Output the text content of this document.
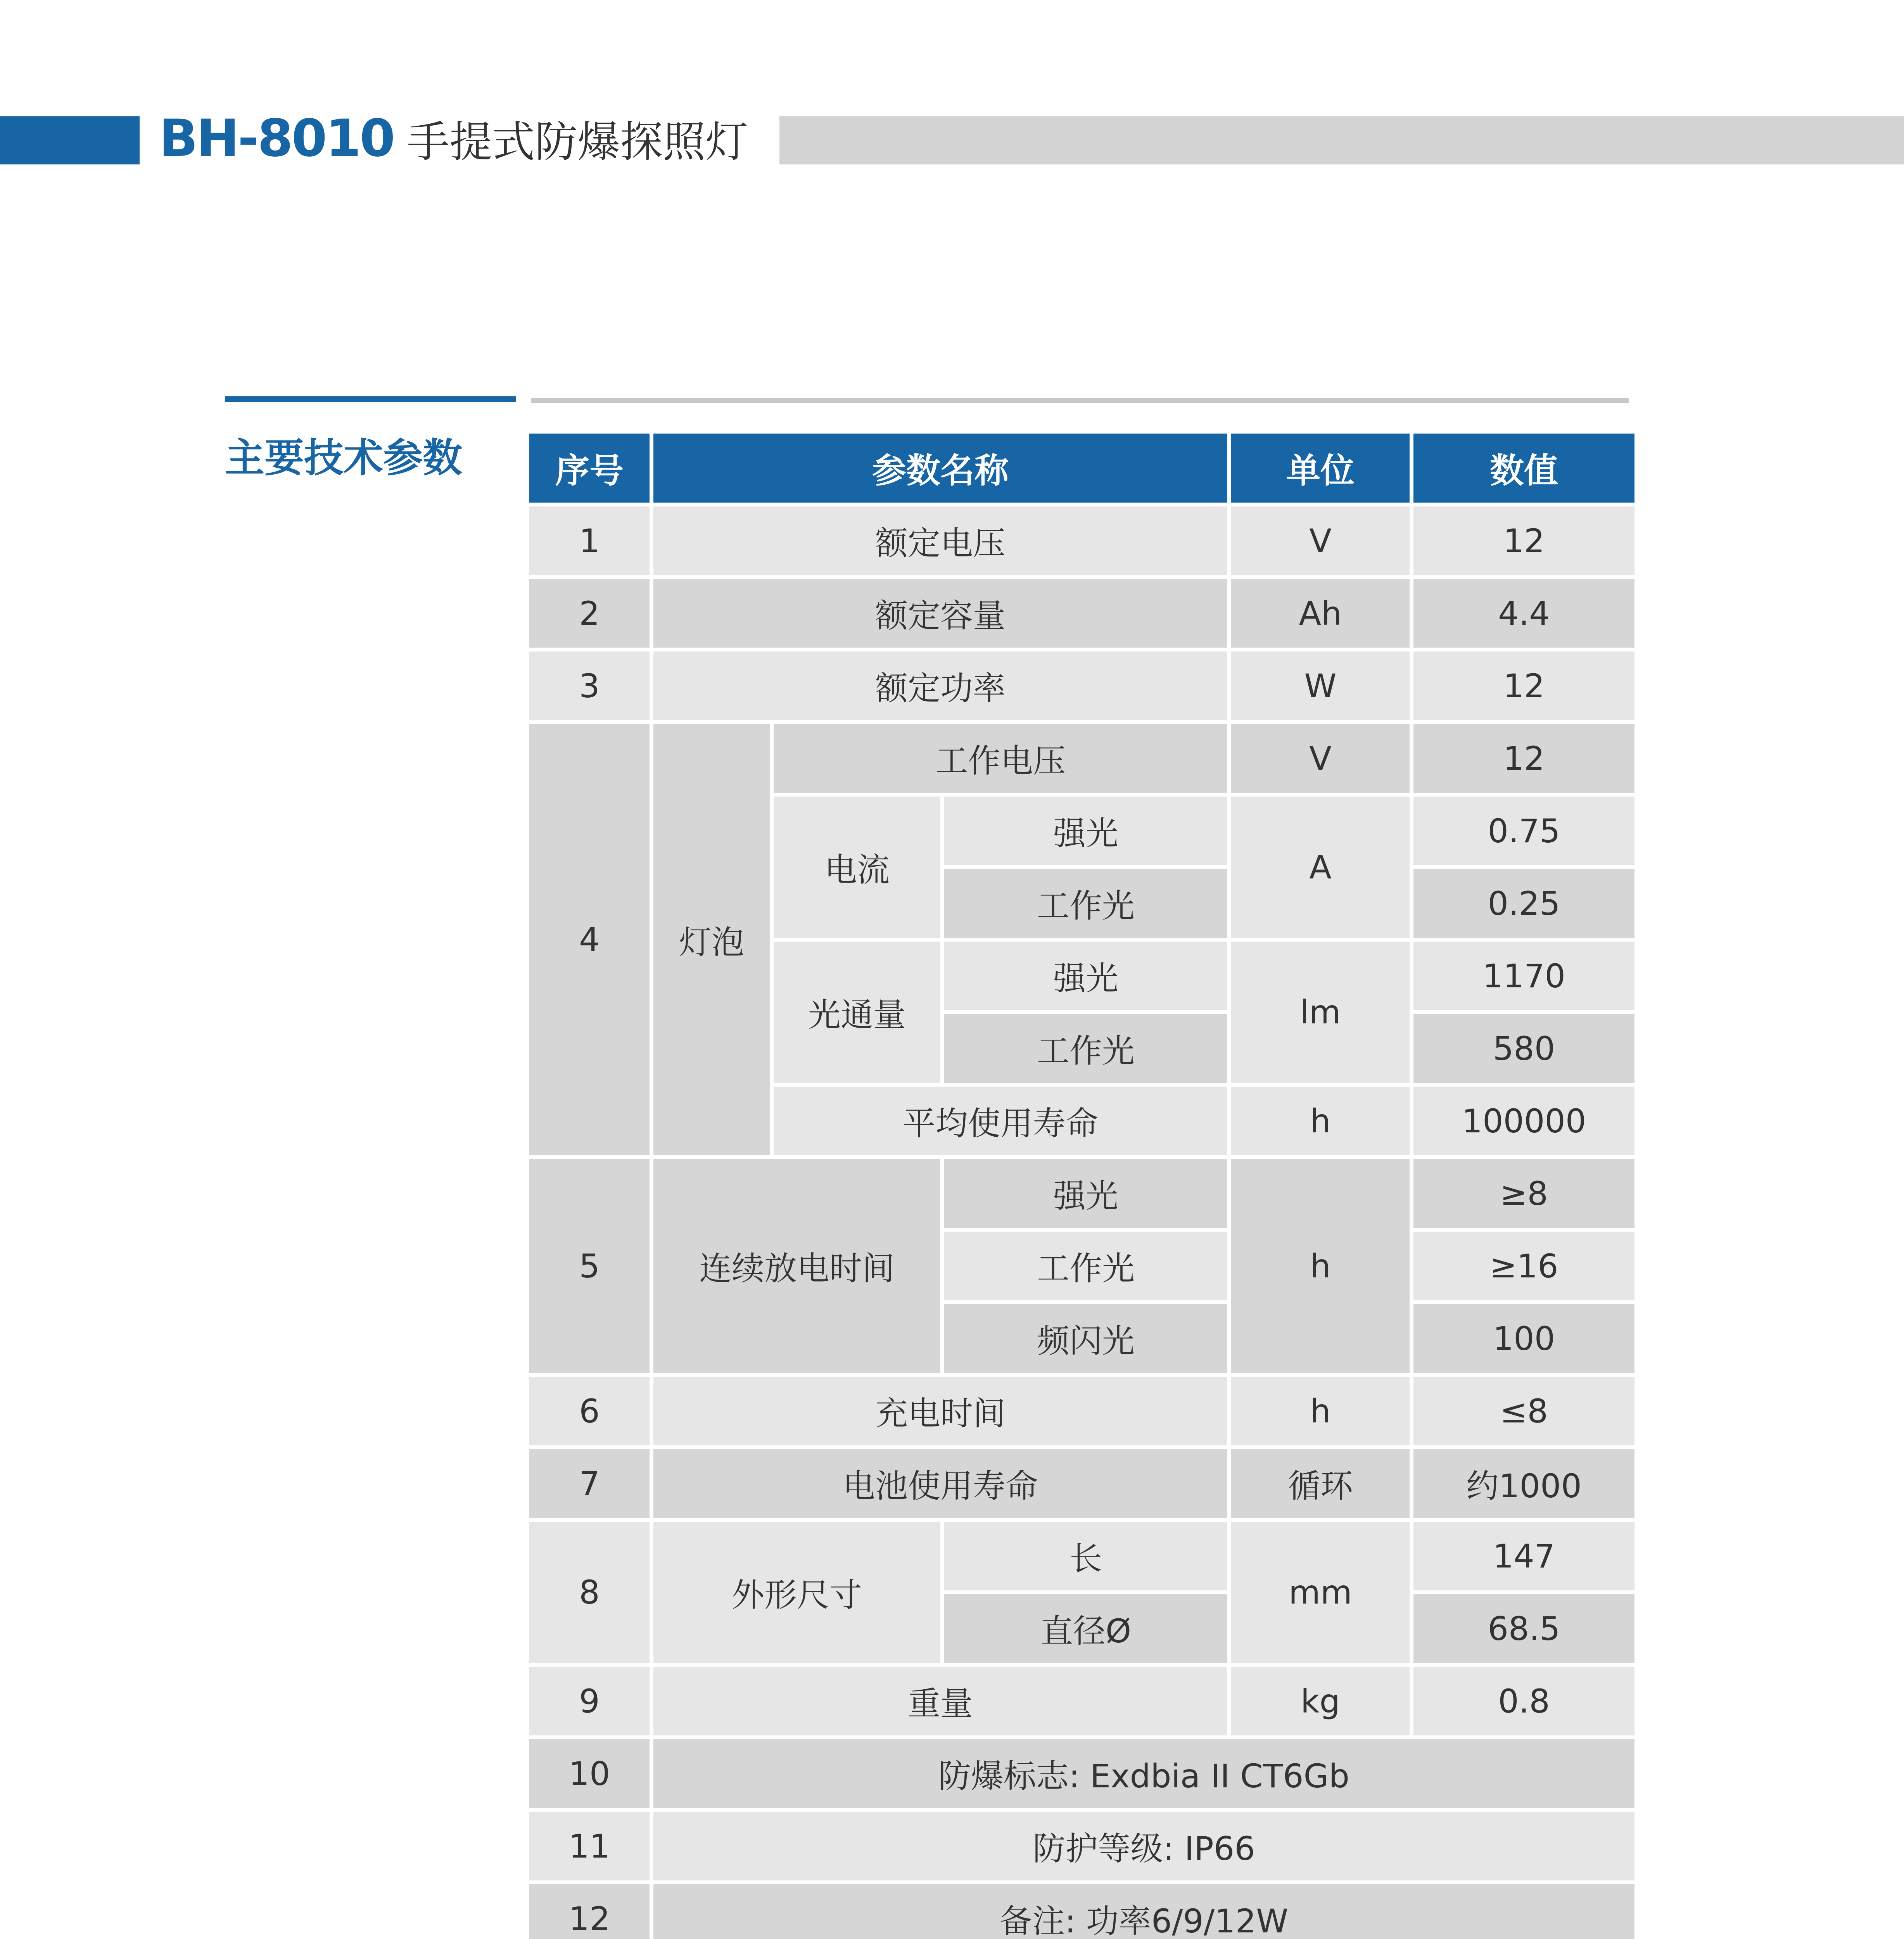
BH-8010 手提式防爆探照灯
主要技术参数	序号	参数名称			单位	数值
1	额定电压			V	12
2	额定容量			Ah	4.4
3	额定功率			W	12
4	灯泡	工作电压		V	12
		电流	强光	A	0.75
			工作光		0.25
		光通量	强光	lm	1170
			工作光		580
		平均使用寿命		h	100000
5	连续放电时间		强光	h	≥8
			工作光		≥16
			频闪光		100
6	充电时间			h	≤8
7	电池使用寿命			循环	约1000
8	外形尺寸		长	mm	147
			直径Ø		68.5
9	重量			kg	0.8
10	防爆标志: Exdbia II CT6Gb				
11	防护等级: IP66				
12	备注: 功率6/9/12W				
